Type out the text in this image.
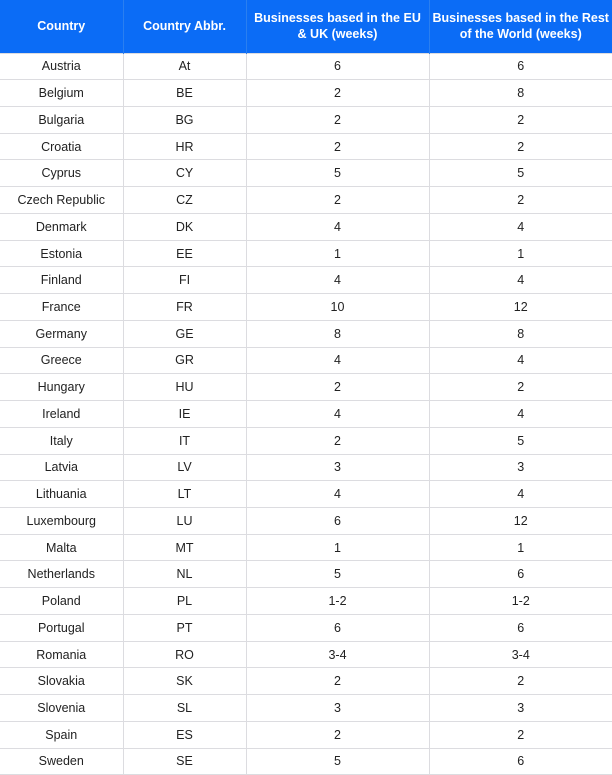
Country	Country Abbr.	Businesses based in the EU & UK (weeks)	Businesses based in the Rest of the World (weeks)
Austria	At	6	6
Belgium	BE	2	8
Bulgaria	BG	2	2
Croatia	HR	2	2
Cyprus	CY	5	5
Czech Republic	CZ	2	2
Denmark	DK	4	4
Estonia	EE	1	1
Finland	FI	4	4
France	FR	10	12
Germany	GE	8	8
Greece	GR	4	4
Hungary	HU	2	2
Ireland	IE	4	4
Italy	IT	2	5
Latvia	LV	3	3
Lithuania	LT	4	4
Luxembourg	LU	6	12
Malta	MT	1	1
Netherlands	NL	5	6
Poland	PL	1-2	1-2
Portugal	PT	6	6
Romania	RO	3-4	3-4
Slovakia	SK	2	2
Slovenia	SL	3	3
Spain	ES	2	2
Sweden	SE	5	6
